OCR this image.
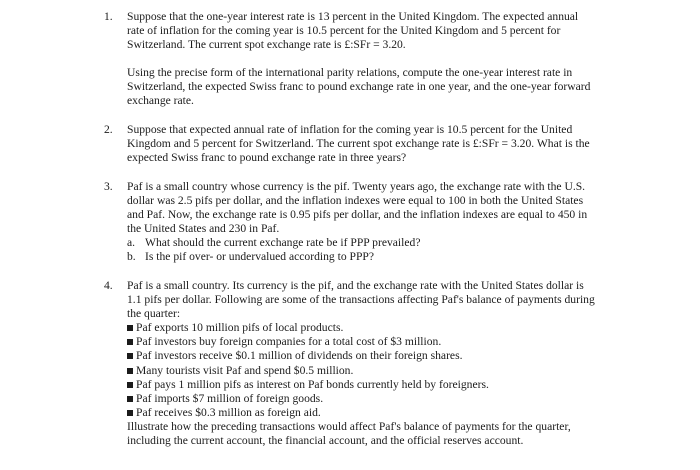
1. Suppose that the one-year interest rate is 13 percent in the United Kingdom. The expected annual rate of inflation for the coming year is 10.5 percent for the United Kingdom and 5 percent for Switzerland. The current spot exchange rate is £:SFr = 3.20.

Using the precise form of the international parity relations, compute the one-year interest rate in Switzerland, the expected Swiss franc to pound exchange rate in one year, and the one-year forward exchange rate.

2. Suppose that expected annual rate of inflation for the coming year is 10.5 percent for the United Kingdom and 5 percent for Switzerland. The current spot exchange rate is £:SFr = 3.20. What is the expected Swiss franc to pound exchange rate in three years?

3. Paf is a small country whose currency is the pif. Twenty years ago, the exchange rate with the U.S. dollar was 2.5 pifs per dollar, and the inflation indexes were equal to 100 in both the United States and Paf. Now, the exchange rate is 0.95 pifs per dollar, and the inflation indexes are equal to 450 in the United States and 230 in Paf.

a. What should the current exchange rate be if PPP prevailed?
b. Is the pif over- or undervalued according to PPP?
4. Paf is a small country. Its currency is the pif, and the exchange rate with the United States dollar is 1.1 pifs per dollar. Following are some of the transactions affecting Paf's balance of payments during the quarter:

Paf exports 10 million pifs of local products.
Paf investors buy foreign companies for a total cost of $3 million.
Paf investors receive $0.1 million of dividends on their foreign shares.
Many tourists visit Paf and spend $0.5 million.
Paf pays 1 million pifs as interest on Paf bonds currently held by foreigners.
Paf imports $7 million of foreign goods.
Paf receives $0.3 million as foreign aid.

Illustrate how the preceding transactions would affect Paf's balance of payments for the quarter, including the current account, the financial account, and the official reserves account.
